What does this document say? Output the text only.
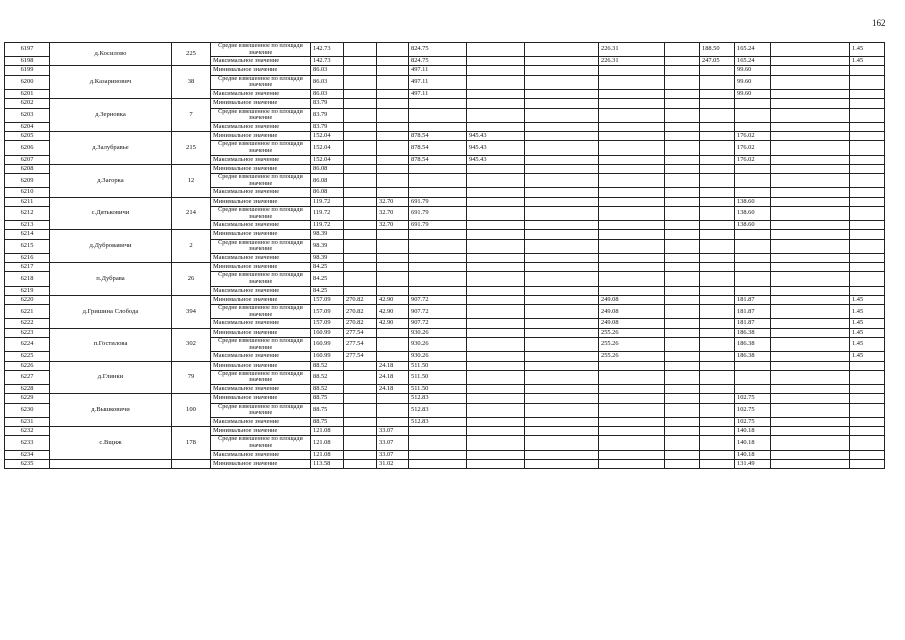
162
6197	д.Косилово	225	Средне взвешенное по площади значение	142.73			824.75			226.31		188.50	165.24		1.45	
6198			Максимальное значение	142.73			824.75			226.31		247.05	165.24		1.45	
6199	д.Казаринович	38	Минимальное значение	86.03			497.11						99.60			
6200			Средне взвешенное по площади значение	86.03			497.11						99.60			
6201			Максимальное значение	86.03			497.11						99.60			
6202	д.Зерновка	7	Минимальное значение	83.79												
6203			Средне взвешенное по площади значение	83.79												
6204			Максимальное значение	83.79												
6205	д.Залубравье	215	Минимальное значение	152.04			878.54	945.43					176.02			
6206			Средне взвешенное по площади значение	152.04			878.54	945.43					176.02			
6207			Максимальное значение	152.04			878.54	945.43					176.02			
6208	д.Загорка	12	Минимальное значение	86.08												
6209			Средне взвешенное по площади значение	86.08												
6210			Максимальное значение	86.08												
6211	с.Дятьковичи	214	Минимальное значение	119.72		32.70	691.79						138.60			
6212			Средне взвешенное по площади значение	119.72		32.70	691.79						138.60			
6213			Максимальное значение	119.72		32.70	691.79						138.60			
6214	д.Дубровавичи	2	Минимальное значение	98.39												
6215			Средне взвешенное по площади значение	98.39												
6216			Максимальное значение	98.39												
6217	п.Дубрава	26	Минимальное значение	84.25												
6218			Средне взвешенное по площади значение	84.25												
6219			Максимальное значение	84.25												
6220	д.Гришина Слобода	394	Минимальное значение	157.09	270.82	42.90	907.72			249.08			181.87		1.45	
6221			Средне взвешенное по площади значение	157.09	270.82	42.90	907.72			249.08			181.87		1.45	
6222			Максимальное значение	157.09	270.82	42.90	907.72			249.08			181.87		1.45	
6223	п.Гостилова	302	Минимальное значение	160.99	277.54		930.26			255.26			186.38		1.45	
6224			Средне взвешенное по площади значение	160.99	277.54		930.26			255.26			186.38		1.45	
6225			Максимальное значение	160.99	277.54		930.26			255.26			186.38		1.45	
6226	д.Глинки	79	Минимальное значение	88.52		24.18	511.50									
6227			Средне взвешенное по площади значение	88.52		24.18	511.50									
6228			Максимальное значение	88.52		24.18	511.50									
6229	д.Вышковичи	100	Минимальное значение	88.75			512.83						102.75			
6230			Средне взвешенное по площади значение	88.75			512.83						102.75			
6231			Максимальное значение	88.75			512.83						102.75			
6232	с.Вщиж	178	Минимальное значение	121.08		33.07							140.18			
6233			Средне взвешенное по площади значение	121.08		33.07							140.18			
6234			Максимальное значение	121.08		33.07							140.18			
6235			Минимальное значение	113.58		31.02							131.49			
